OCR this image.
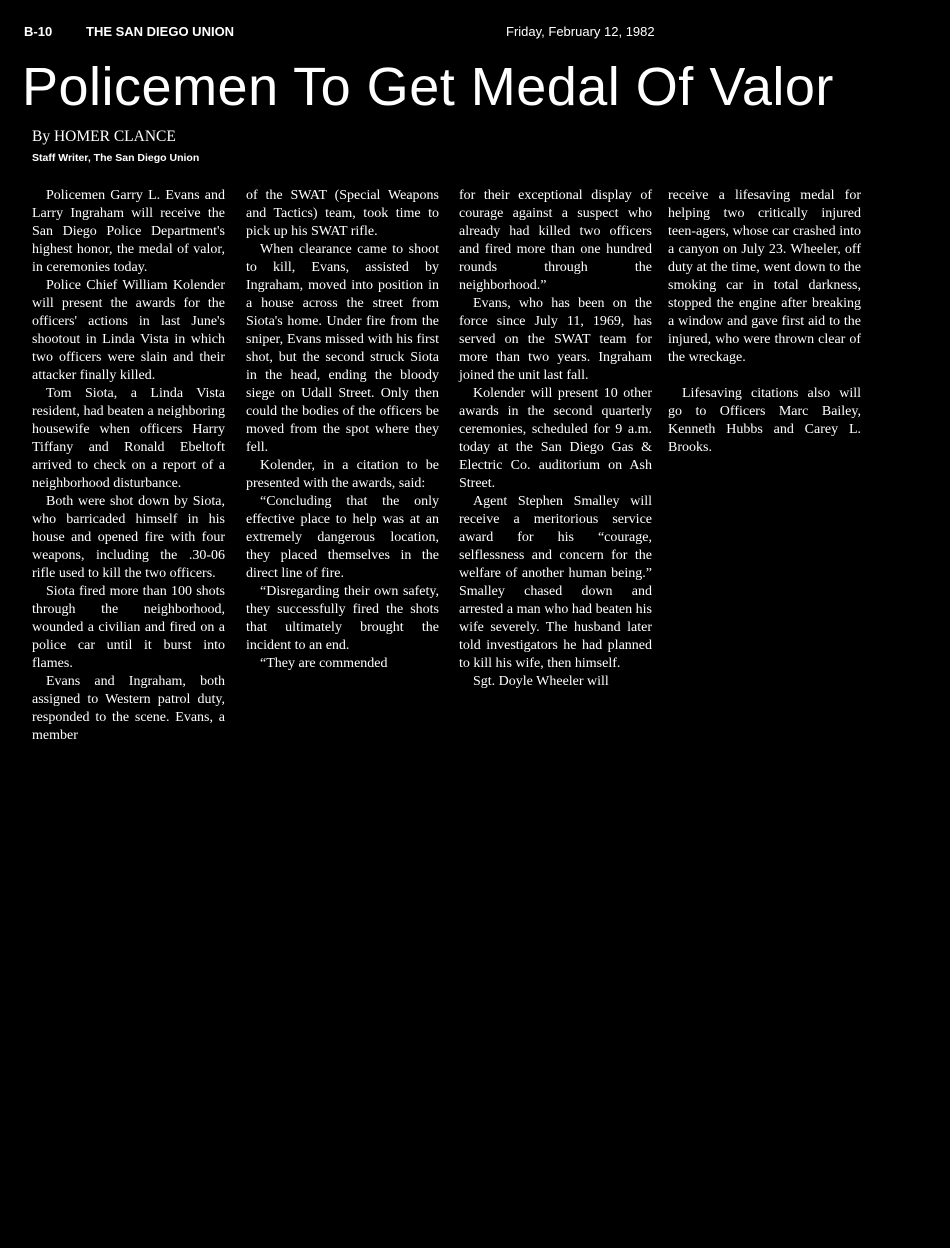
B-10	THE SAN DIEGO UNION	Friday, February 12, 1982
Policemen To Get Medal Of Valor
By HOMER CLANCE
Staff Writer, The San Diego Union

Policemen Garry L. Evans and Larry Ingraham will receive the San Diego Police Department's highest honor, the medal of valor, in ceremonies today.

Police Chief William Kolender will present the awards for the officers' actions in last June's shootout in Linda Vista in which two officers were slain and their attacker finally killed.

Tom Siota, a Linda Vista resident, had beaten a neighboring housewife when officers Harry Tiffany and Ronald Ebeltoft arrived to check on a report of a neighborhood disturbance.

Both were shot down by Siota, who barricaded himself in his house and opened fire with four weapons, including the .30-06 rifle used to kill the two officers.

Siota fired more than 100 shots through the neighborhood, wounded a civilian and fired on a police car until it burst into flames.

Evans and Ingraham, both assigned to Western patrol duty, responded to the scene. Evans, a member

of the SWAT (Special Weapons and Tactics) team, took time to pick up his SWAT rifle.

When clearance came to shoot to kill, Evans, assisted by Ingraham, moved into position in a house across the street from Siota's home. Under fire from the sniper, Evans missed with his first shot, but the second struck Siota in the head, ending the bloody siege on Udall Street. Only then could the bodies of the officers be moved from the spot where they fell.

Kolender, in a citation to be presented with the awards, said:

“Concluding that the only effective place to help was at an extremely dangerous location, they placed themselves in the direct line of fire.

“Disregarding their own safety, they successfully fired the shots that ultimately brought the incident to an end.

“They are commended

for their exceptional display of courage against a suspect who already had killed two officers and fired more than one hundred rounds through the neighborhood.”

Evans, who has been on the force since July 11, 1969, has served on the SWAT team for more than two years. Ingraham joined the unit last fall.

Kolender will present 10 other awards in the second quarterly ceremonies, scheduled for 9 a.m. today at the San Diego Gas & Electric Co. auditorium on Ash Street.

Agent Stephen Smalley will receive a meritorious service award for his “courage, selflessness and concern for the welfare of another human being.” Smalley chased down and arrested a man who had beaten his wife severely. The husband later told investigators he had planned to kill his wife, then himself.

Sgt. Doyle Wheeler will

receive a lifesaving medal for helping two critically injured teen-agers, whose car crashed into a canyon on July 23. Wheeler, off duty at the time, went down to the smoking car in total darkness, stopped the engine after breaking a window and gave first aid to the injured, who were thrown clear of the wreckage.

Lifesaving citations also will go to Officers Marc Bailey, Kenneth Hubbs and Carey L. Brooks.
